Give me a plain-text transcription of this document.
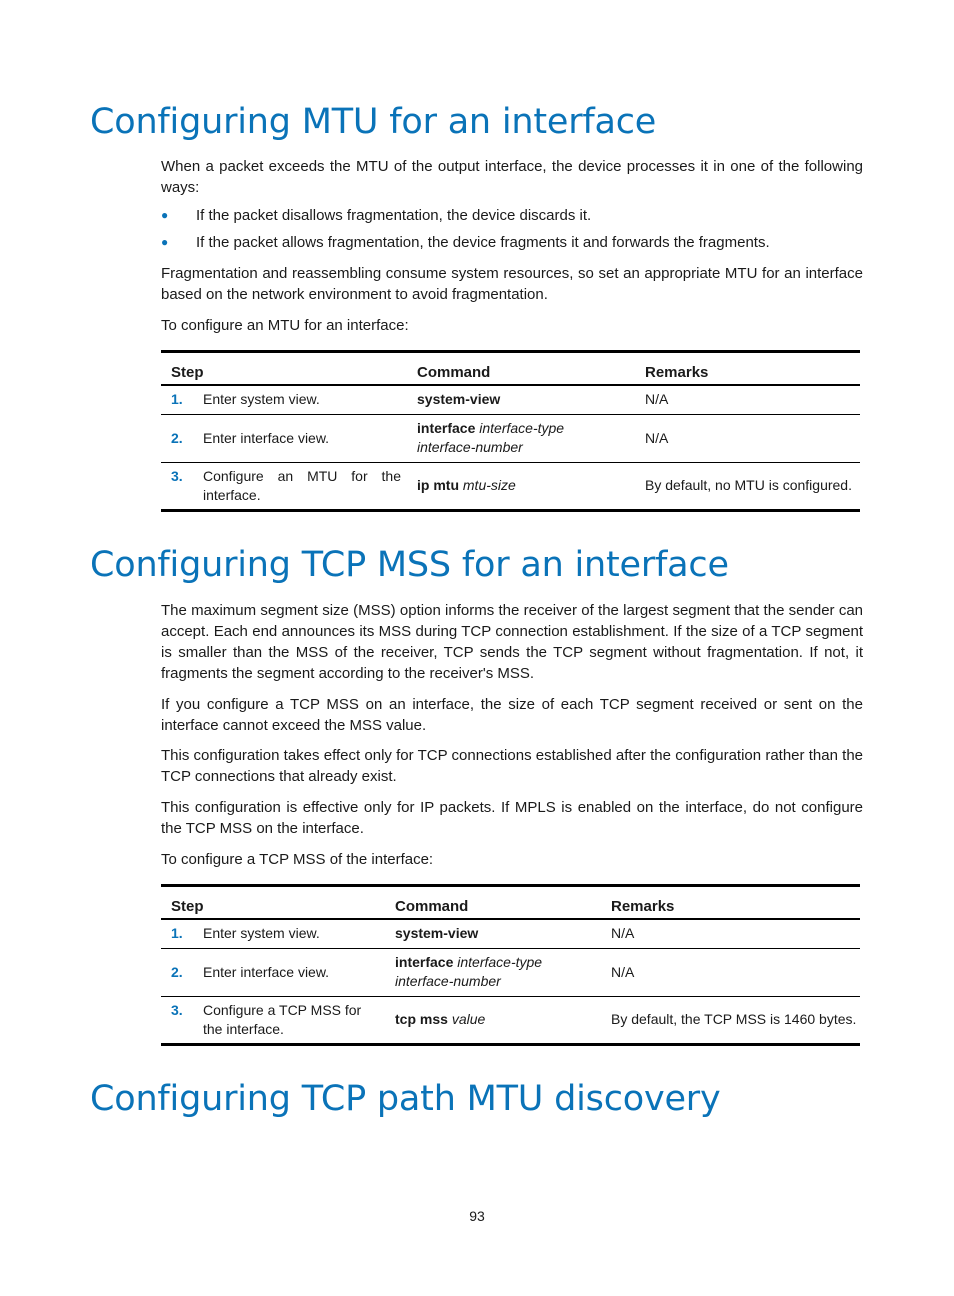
Configuring MTU for an interface

When a packet exceeds the MTU of the output interface, the device processes it in one of the following ways:

● If the packet disallows fragmentation, the device discards it.
● If the packet allows fragmentation, the device fragments it and forwards the fragments.

Fragmentation and reassembling consume system resources, so set an appropriate MTU for an interface based on the network environment to avoid fragmentation.

To configure an MTU for an interface:

Step	Command	Remarks
1. Enter system view.	system-view	N/A
2. Enter interface view.	interface interface-type interface-number	N/A
3. Configure an MTU for the interface.	ip mtu mtu-size	By default, no MTU is configured.
Configuring TCP MSS for an interface

The maximum segment size (MSS) option informs the receiver of the largest segment that the sender can accept. Each end announces its MSS during TCP connection establishment. If the size of a TCP segment is smaller than the MSS of the receiver, TCP sends the TCP segment without fragmentation. If not, it fragments the segment according to the receiver's MSS.

If you configure a TCP MSS on an interface, the size of each TCP segment received or sent on the interface cannot exceed the MSS value.

This configuration takes effect only for TCP connections established after the configuration rather than the TCP connections that already exist.

This configuration is effective only for IP packets. If MPLS is enabled on the interface, do not configure the TCP MSS on the interface.

To configure a TCP MSS of the interface:

Step	Command	Remarks
1. Enter system view.	system-view	N/A
2. Enter interface view.	interface interface-type interface-number	N/A
3. Configure a TCP MSS for the interface.	tcp mss value	By default, the TCP MSS is 1460 bytes.
Configuring TCP path MTU discovery
93
